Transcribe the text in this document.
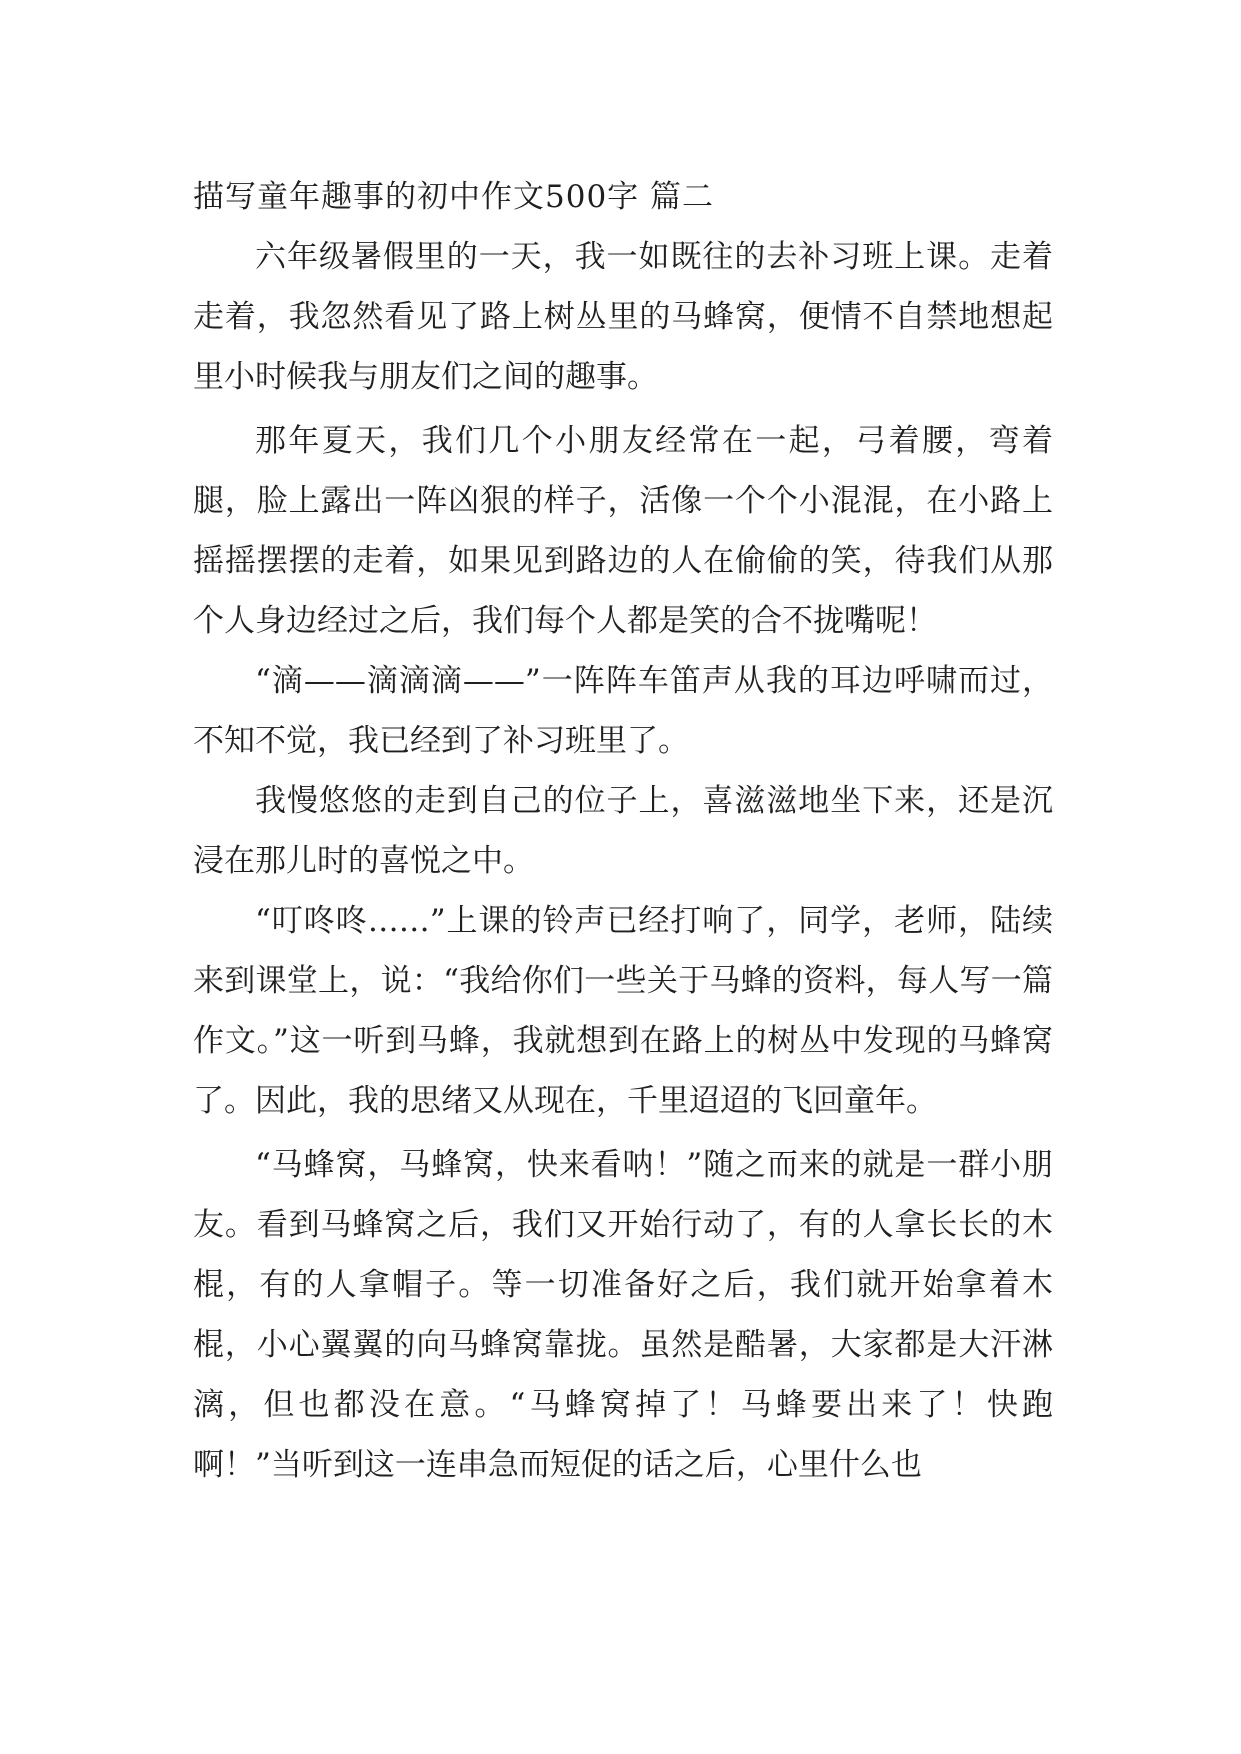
描写童年趣事的初中作文500字 篇二

六年级暑假里的一天，我一如既往的去补习班上课。走着走着，我忽然看见了路上树丛里的马蜂窝，便情不自禁地想起里小时候我与朋友们之间的趣事。

那年夏天，我们几个小朋友经常在一起，弓着腰，弯着腿，脸上露出一阵凶狠的样子，活像一个个小混混，在小路上摇摇摆摆的走着，如果见到路边的人在偷偷的笑，待我们从那个人身边经过之后，我们每个人都是笑的合不拢嘴呢！

“滴——滴滴滴——”一阵阵车笛声从我的耳边呼啸而过，不知不觉，我已经到了补习班里了。

我慢悠悠的走到自己的位子上，喜滋滋地坐下来，还是沉浸在那儿时的喜悦之中。

“叮咚咚……”上课的铃声已经打响了，同学，老师，陆续来到课堂上，说：“我给你们一些关于马蜂的资料，每人写一篇作文。”这一听到马蜂，我就想到在路上的树丛中发现的马蜂窝了。因此，我的思绪又从现在，千里迢迢的飞回童年。

“马蜂窝，马蜂窝，快来看呐！”随之而来的就是一群小朋友。看到马蜂窝之后，我们又开始行动了，有的人拿长长的木棍，有的人拿帽子。等一切准备好之后，我们就开始拿着木棍，小心翼翼的向马蜂窝靠拢。虽然是酷暑，大家都是大汗淋漓，但也都没在意。“马蜂窝掉了！马蜂要出来了！快跑啊！”当听到这一连串急而短促的话之后，心里什么也
